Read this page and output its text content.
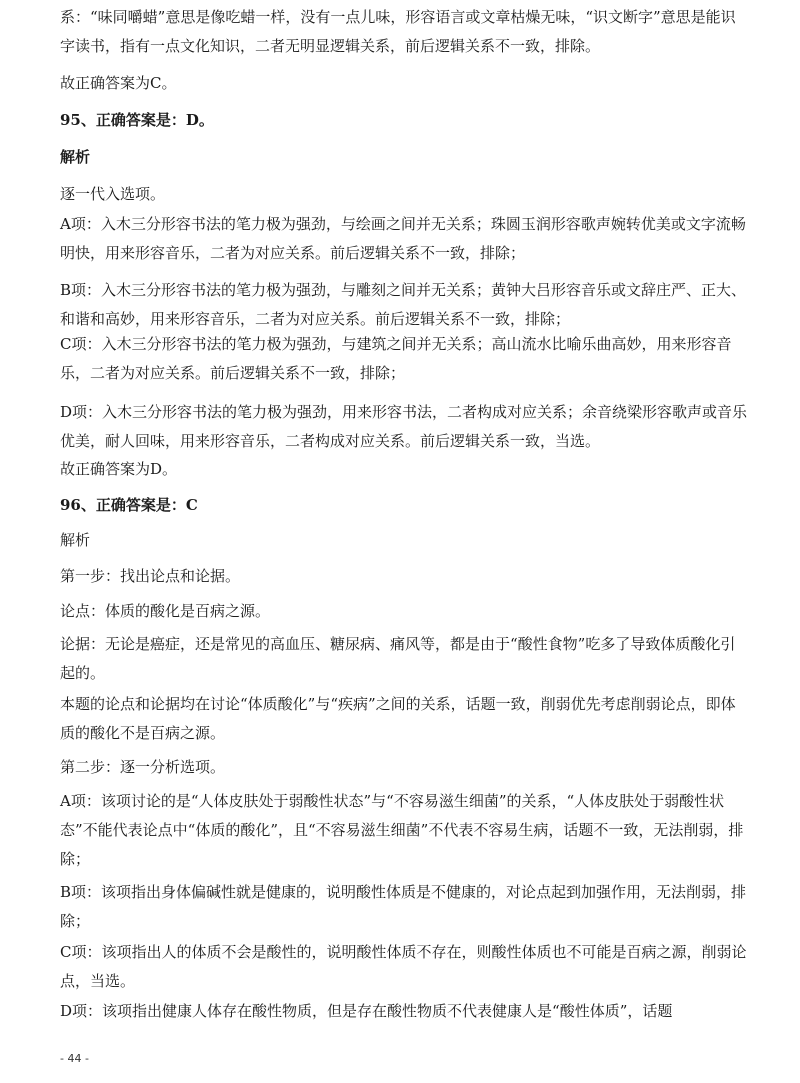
系：“味同嚼蜡”意思是像吃蜡一样，没有一点儿味，形容语言或文章枯燥无味，“识文断字”意思是能识字读书，指有一点文化知识，二者无明显逻辑关系，前后逻辑关系不一致，排除。

故正确答案为C。

95、正确答案是：D。

解析

逐一代入选项。

A项：入木三分形容书法的笔力极为强劲，与绘画之间并无关系；珠圆玉润形容歌声婉转优美或文字流畅明快，用来形容音乐，二者为对应关系。前后逻辑关系不一致，排除；

B项：入木三分形容书法的笔力极为强劲，与雕刻之间并无关系；黄钟大吕形容音乐或文辞庄严、正大、和谐和高妙，用来形容音乐，二者为对应关系。前后逻辑关系不一致，排除；

C项：入木三分形容书法的笔力极为强劲，与建筑之间并无关系；高山流水比喻乐曲高妙，用来形容音乐，二者为对应关系。前后逻辑关系不一致，排除；

D项：入木三分形容书法的笔力极为强劲，用来形容书法，二者构成对应关系；余音绕梁形容歌声或音乐优美，耐人回味，用来形容音乐，二者构成对应关系。前后逻辑关系一致，当选。

故正确答案为D。

96、正确答案是：C

解析

第一步：找出论点和论据。

论点：体质的酸化是百病之源。

论据：无论是癌症，还是常见的高血压、糖尿病、痛风等，都是由于“酸性食物”吃多了导致体质酸化引起的。

本题的论点和论据均在讨论“体质酸化”与“疾病”之间的关系，话题一致，削弱优先考虑削弱论点，即体质的酸化不是百病之源。

第二步：逐一分析选项。

A项：该项讨论的是“人体皮肤处于弱酸性状态”与“不容易滋生细菌”的关系，“人体皮肤处于弱酸性状态”不能代表论点中“体质的酸化”，且“不容易滋生细菌”不代表不容易生病，话题不一致，无法削弱，排除；

B项：该项指出身体偏碱性就是健康的，说明酸性体质是不健康的，对论点起到加强作用，无法削弱，排除；

C项：该项指出人的体质不会是酸性的，说明酸性体质不存在，则酸性体质也不可能是百病之源，削弱论点，当选。

D项：该项指出健康人体存在酸性物质，但是存在酸性物质不代表健康人是“酸性体质”，话题

- 44 -
